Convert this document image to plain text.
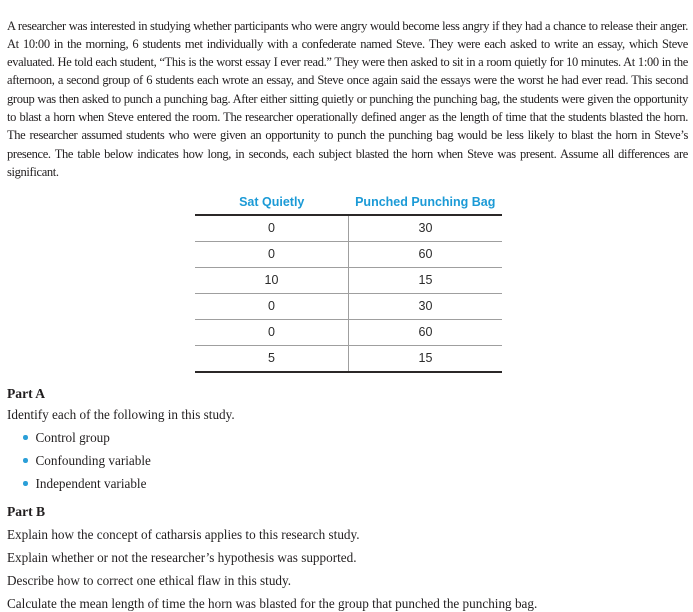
A researcher was interested in studying whether participants who were angry would become less angry if they had a chance to release their anger. At 10:00 in the morning, 6 students met individually with a confederate named Steve. They were each asked to write an essay, which Steve evaluated. He told each student, “This is the worst essay I ever read.” They were then asked to sit in a room quietly for 10 minutes. At 1:00 in the afternoon, a second group of 6 students each wrote an essay, and Steve once again said the essays were the worst he had ever read. This second group was then asked to punch a punching bag. After either sitting quietly or punching the punching bag, the students were given the opportunity to blast a horn when Steve entered the room. The researcher operationally defined anger as the length of time that the students blasted the horn. The researcher assumed students who were given an opportunity to punch the punching bag would be less likely to blast the horn in Steve’s presence. The table below indicates how long, in seconds, each subject blasted the horn when Steve was present. Assume all differences are significant.

Sat Quietly	Punched Punching Bag
0	30
0	60
10	15
0	30
0	60
5	15
Part A
Identify each of the following in this study.
Control group
Confounding variable
Independent variable
Part B
Explain how the concept of catharsis applies to this research study.
Explain whether or not the researcher’s hypothesis was supported.
Describe how to correct one ethical flaw in this study.
Calculate the mean length of time the horn was blasted for the group that punched the punching bag.
